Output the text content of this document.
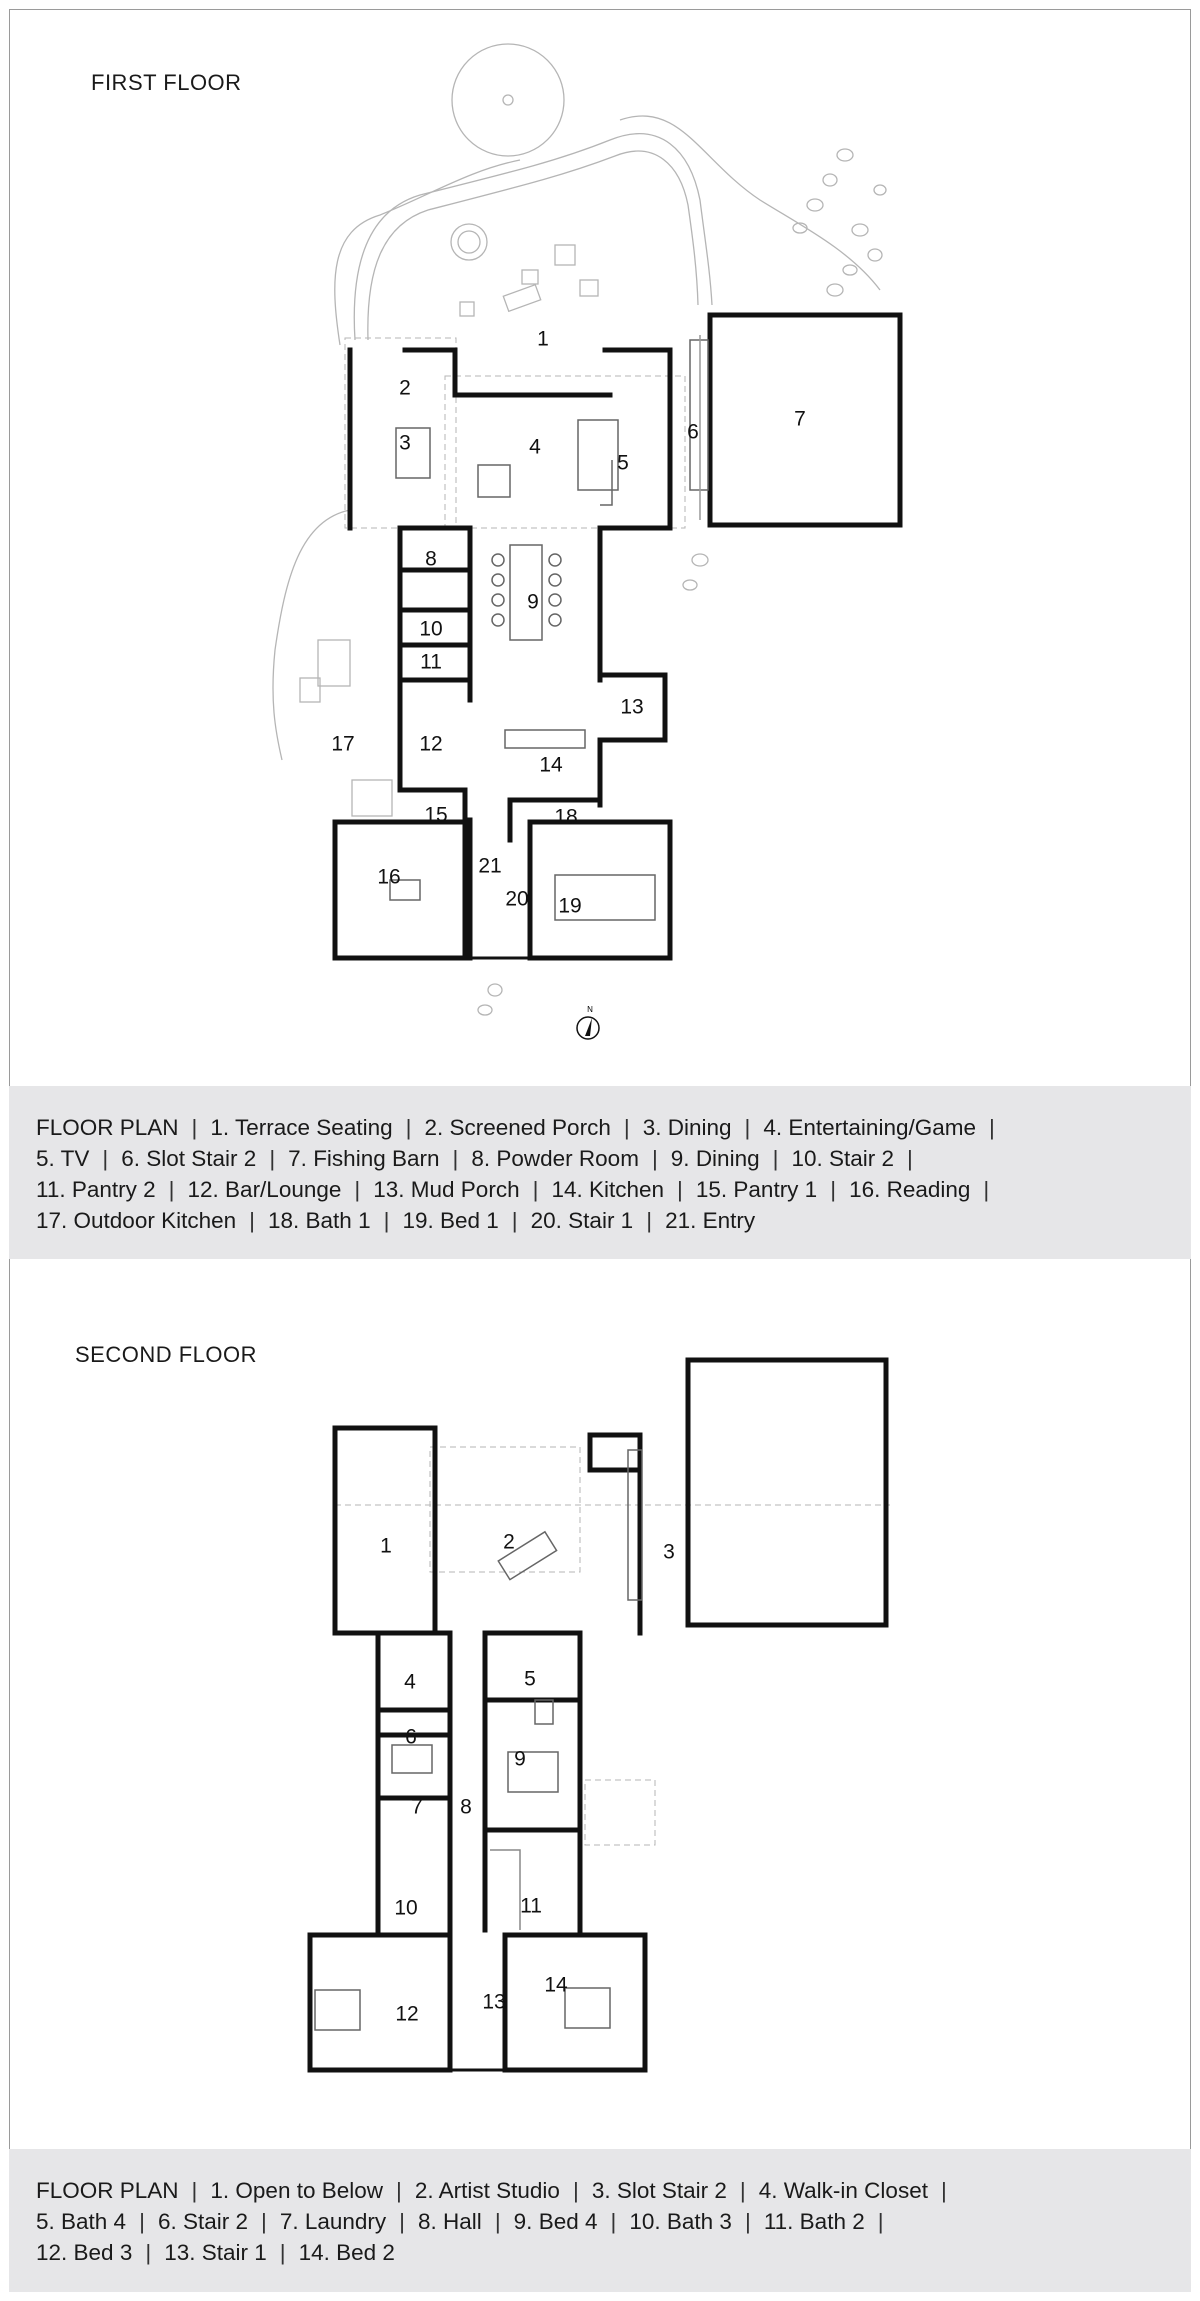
FIRST FLOOR
1
2
3	4
5
6
7
8
9
10
11
12
13
14
15
16
17
18
19
20
21
N
FLOOR PLAN | 1. Terrace Seating | 2. Screened Porch | 3. Dining | 4. Entertaining/Game |
5. TV | 6. Slot Stair 2 | 7. Fishing Barn | 8. Powder Room | 9. Dining | 10. Stair 2 |
11. Pantry 2 | 12. Bar/Lounge | 13. Mud Porch | 14. Kitchen | 15. Pantry 1 | 16. Reading |
17. Outdoor Kitchen | 18. Bath 1 | 19. Bed 1 | 20. Stair 1 | 21. Entry
SECOND FLOOR
1	2	3
4	5
6
7 8
9
10	11
12
13
14
FLOOR PLAN | 1. Open to Below | 2. Artist Studio | 3. Slot Stair 2 | 4. Walk-in Closet |
5. Bath 4 | 6. Stair 2 | 7. Laundry | 8. Hall | 9. Bed 4 | 10. Bath 3 | 11. Bath 2 |
12. Bed 3 | 13. Stair 1 | 14. Bed 2
